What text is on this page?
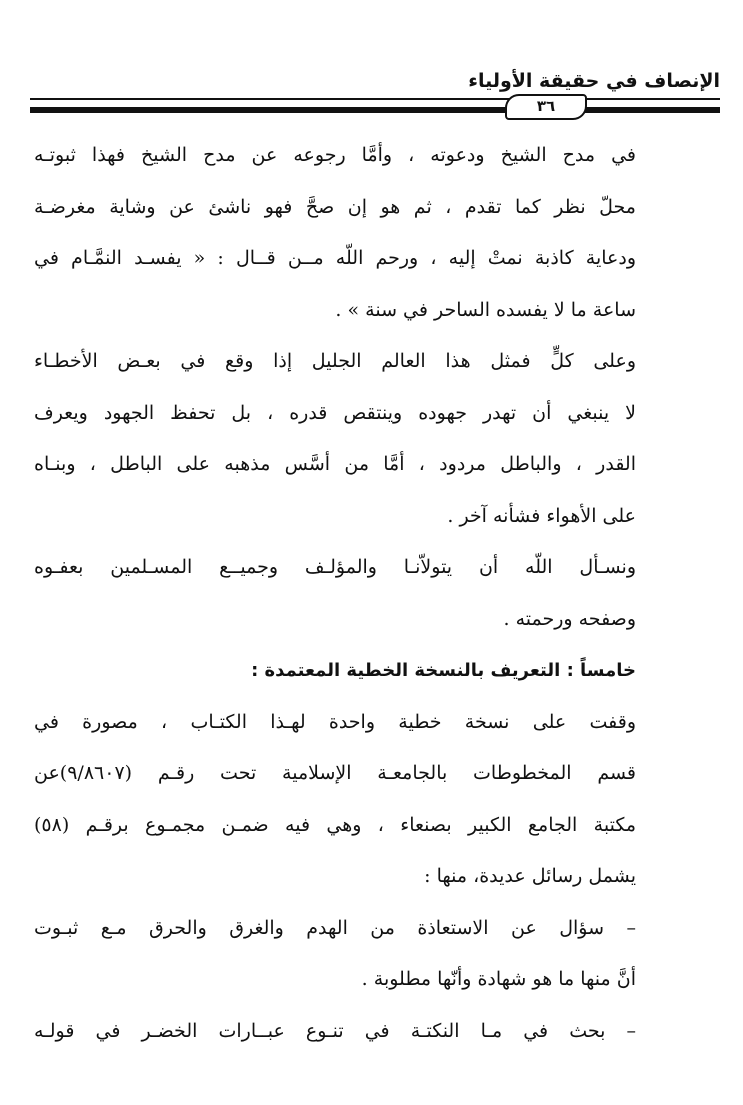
الإنصاف في حقيقة الأولياء
٣٦
في مدح الشيخ ودعوته ، وأمَّا رجوعه عن مدح الشيخ فهذا ثبوتـه
محلّ نظر كما تقدم ، ثم هو إن صحَّ فهو ناشئ عن وشاية مغرضـة
ودعاية كاذبة نمتْ إليه ، ورحم اللّه مــن قــال : « يفسـد النمَّـام في
ساعة ما لا يفسده الساحر في سنة » .
وعلى كلٍّ فمثل هذا العالم الجليل إذا وقع في بعـض الأخطـاء
لا ينبغي أن تهدر جهوده وينتقص قدره ، بل تحفظ الجهود ويعرف
القدر ، والباطل مردود ، أمَّا من أسَّس مذهبه على الباطل ، وبنـاه
على الأهواء فشأنه آخر .
ونسـأل اللّه أن يتولاّنـا والمؤلـف وجميــع المسـلمين بعفـوه
وصفحه ورحمته .
خامساً : التعريف بالنسخة الخطية المعتمدة :
وقفت على نسخة خطية واحدة لهـذا الكتـاب ، مصورة في
قسم المخطوطات بالجامعـة الإسلامية تحت رقـم (٩/٨٦٠٧)عن
مكتبة الجامع الكبير بصنعاء ، وهي فيه ضمـن مجمـوع برقـم (٥٨)
يشمل رسائل عديدة، منها :
– سؤال عن الاستعاذة من الهدم والغرق والحرق مـع ثبـوت
أنَّ منها ما هو شهادة وأنّها مطلوبة .
– بحث في مـا النكتـة في تنـوع عبــارات الخضـر في قولـه
